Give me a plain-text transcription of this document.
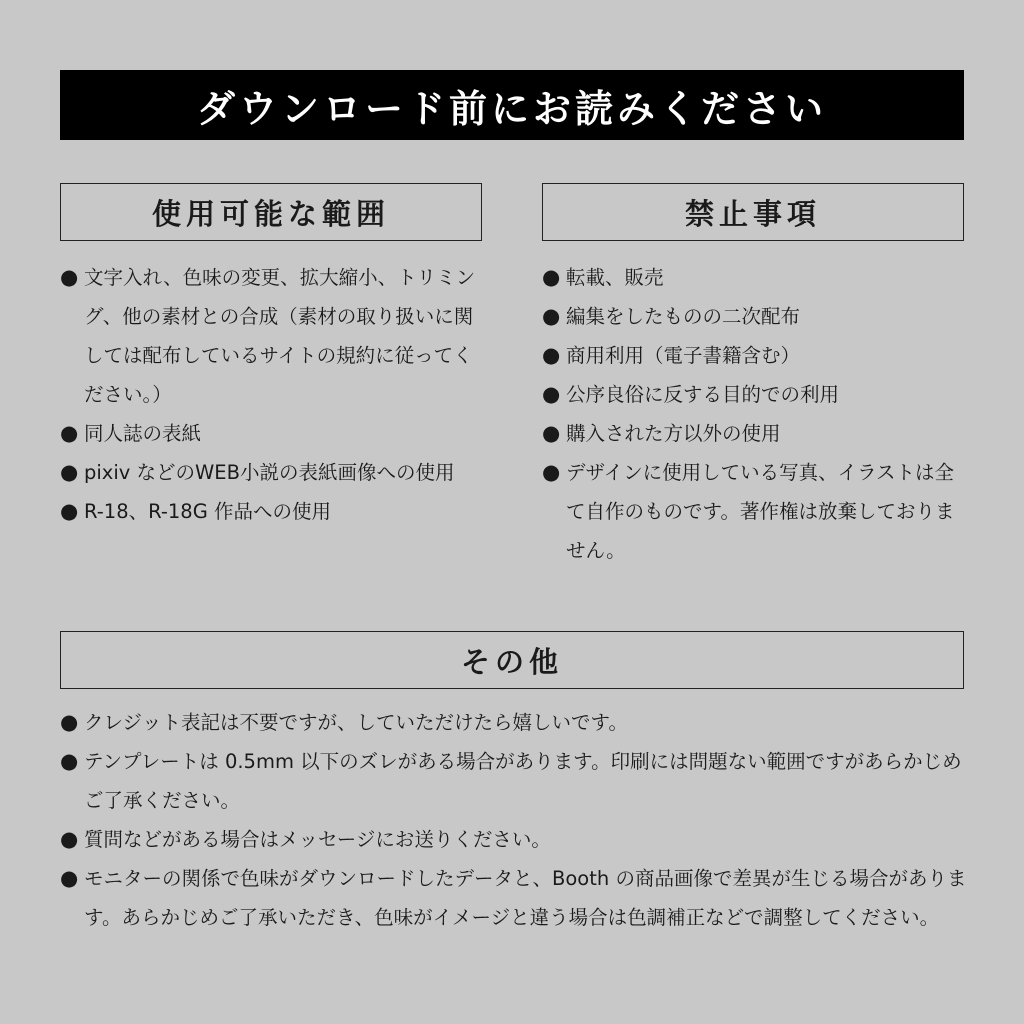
ダウンロード前にお読みください
使用可能な範囲	禁止事項
● 文字入れ、色味の変更、拡大縮小、トリミング、他の素材との合成（素材の取り扱いに関しては配布しているサイトの規約に従ってください。）
● 同人誌の表紙
● pixiv などのWEB小説の表紙画像への使用
● R-18、R-18G 作品への使用
● 転載、販売
● 編集をしたものの二次配布
● 商用利用（電子書籍含む）
● 公序良俗に反する目的での利用
● 購入された方以外の使用
● デザインに使用している写真、イラストは全て自作のものです。著作権は放棄しておりません。
その他
● クレジット表記は不要ですが、していただけたら嬉しいです。
● テンプレートは 0.5mm 以下のズレがある場合があります。印刷には問題ない範囲ですがあらかじめご了承ください。
● 質問などがある場合はメッセージにお送りください。
● モニターの関係で色味がダウンロードしたデータと、Booth の商品画像で差異が生じる場合があります。あらかじめご了承いただき、色味がイメージと違う場合は色調補正などで調整してください。
